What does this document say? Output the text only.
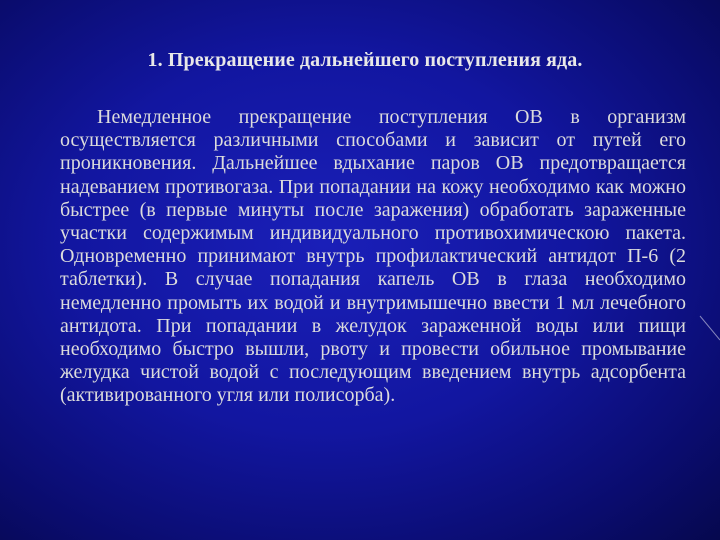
1. Прекращение дальнейшего поступления яда.

Немедленное прекращение поступления ОВ в организм осуществляется различными способами и зависит от путей его проникновения. Дальнейшее вдыхание паров ОВ предотвращается надеванием противогаза. При попадании на кожу необходимо как можно быстрее (в первые минуты после заражения) обработать зараженные участки содержимым индивидуального противохимическою пакета. Одновременно принимают внутрь профилактический антидот П-6 (2 таблетки). В случае попадания капель ОВ в глаза необходимо немедленно промыть их водой и внутримышечно ввести 1 мл лечебного антидота. При попадании в желудок зараженной воды или пищи необходимо быстро вышли, рвоту и провести обильное промывание желудка чистой водой с последующим введением внутрь адсорбента (активированного угля или полисорба).
